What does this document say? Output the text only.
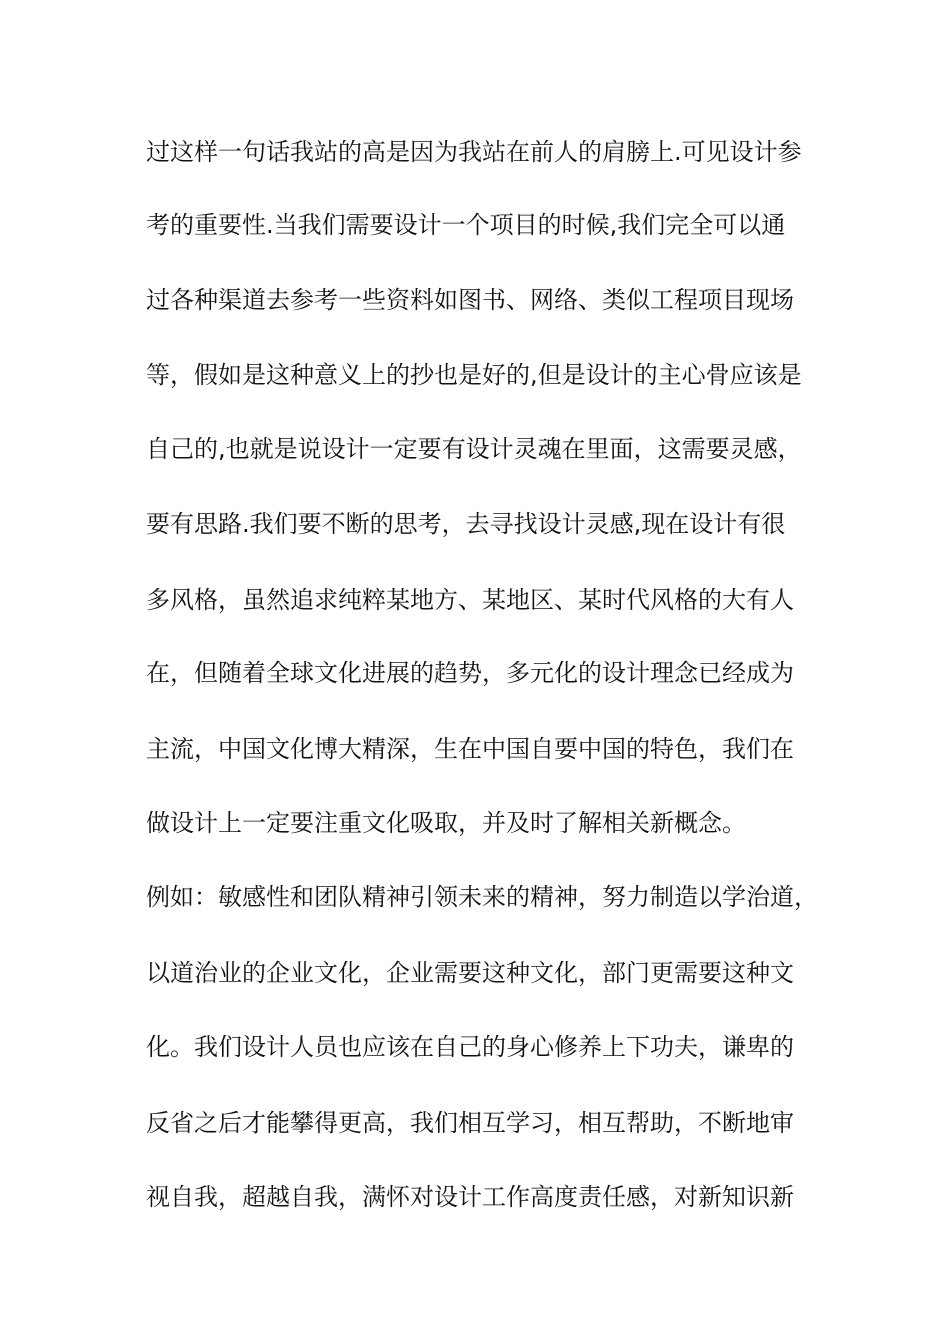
过这样一句话我站的高是因为我站在前人的肩膀上.可见设计参
考的重要性.当我们需要设计一个项目的时候,我们完全可以通
过各种渠道去参考一些资料如图书、网络、类似工程项目现场
等，假如是这种意义上的抄也是好的,但是设计的主心骨应该是
自己的,也就是说设计一定要有设计灵魂在里面，这需要灵感，
要有思路.我们要不断的思考，去寻找设计灵感,现在设计有很
多风格，虽然追求纯粹某地方、某地区、某时代风格的大有人
在，但随着全球文化进展的趋势，多元化的设计理念已经成为
主流，中国文化博大精深，生在中国自要中国的特色，我们在
做设计上一定要注重文化吸取，并及时了解相关新概念。
例如：敏感性和团队精神引领未来的精神，努力制造以学治道，
以道治业的企业文化，企业需要这种文化，部门更需要这种文
化。我们设计人员也应该在自己的身心修养上下功夫，谦卑的
反省之后才能攀得更高，我们相互学习，相互帮助，不断地审
视自我，超越自我，满怀对设计工作高度责任感，对新知识新
